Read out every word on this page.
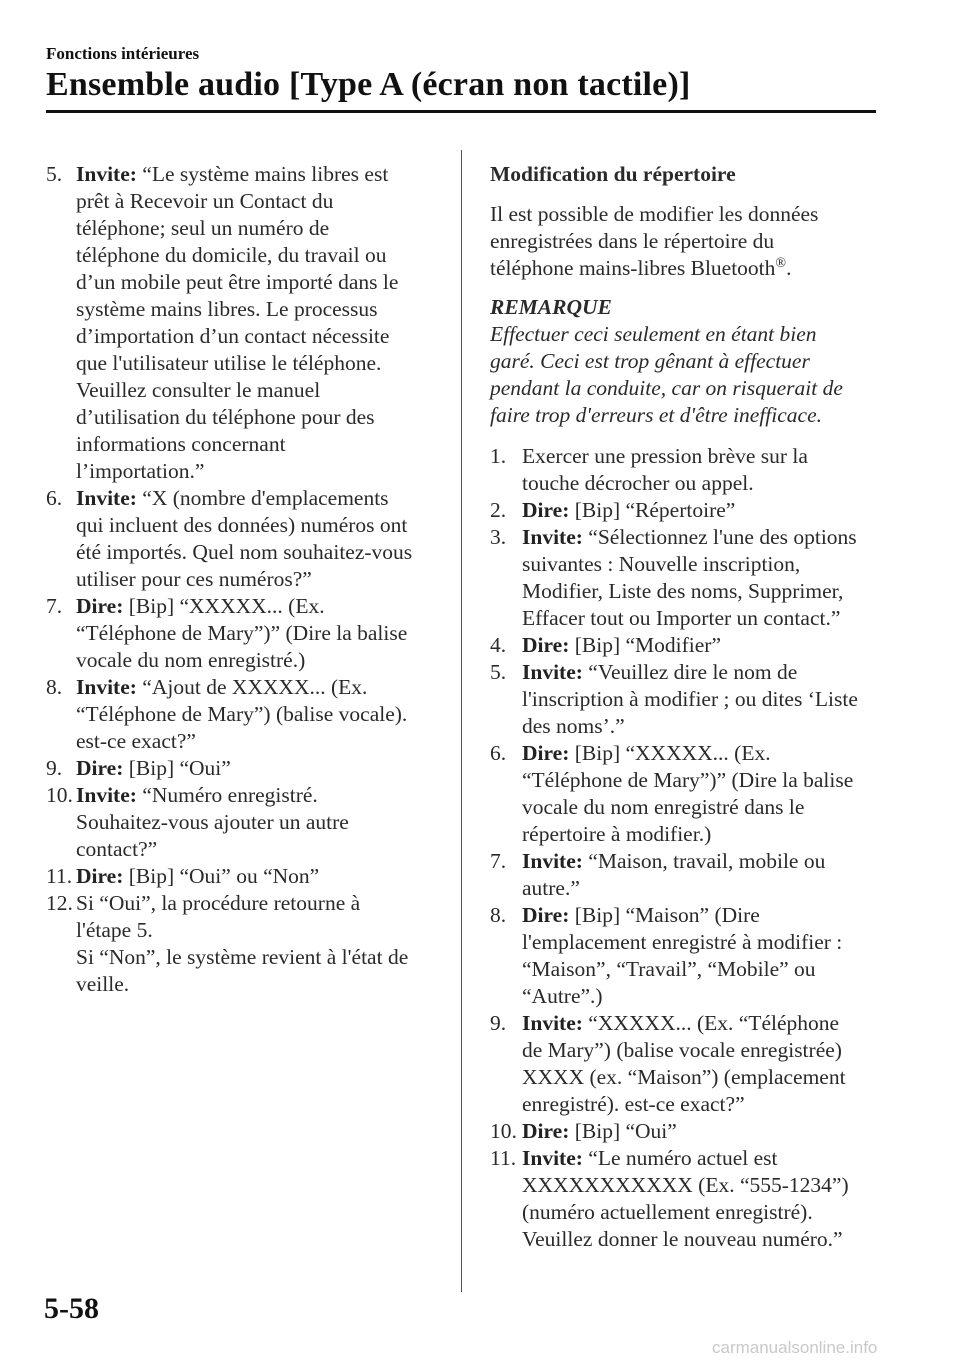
Fonctions intérieures
Ensemble audio [Type A (écran non tactile)]
5. Invite: “Le système mains libres est
prêt à Recevoir un Contact du
téléphone; seul un numéro de
téléphone du domicile, du travail ou
d’un mobile peut être importé dans le
système mains libres. Le processus
d’importation d’un contact nécessite
que l'utilisateur utilise le téléphone.
Veuillez consulter le manuel
d’utilisation du téléphone pour des
informations concernant
l’importation.”
6. Invite: “X (nombre d'emplacements
qui incluent des données) numéros ont
été importés. Quel nom souhaitez-vous
utiliser pour ces numéros?”
7. Dire: [Bip] “XXXXX... (Ex.
“Téléphone de Mary”)” (Dire la balise
vocale du nom enregistré.)
8. Invite: “Ajout de XXXXX... (Ex.
“Téléphone de Mary”) (balise vocale).
est-ce exact?”
9. Dire: [Bip] “Oui”
10. Invite: “Numéro enregistré.
Souhaitez-vous ajouter un autre
contact?”
11. Dire: [Bip] “Oui” ou “Non”
12. Si “Oui”, la procédure retourne à
l'étape 5.
Si “Non”, le système revient à l'état de
veille.
Modification du répertoire

Il est possible de modifier les données
enregistrées dans le répertoire du
téléphone mains-libres Bluetooth®.

REMARQUE

Effectuer ceci seulement en étant bien
garé. Ceci est trop gênant à effectuer
pendant la conduite, car on risquerait de
faire trop d'erreurs et d'être inefficace.

1. Exercer une pression brève sur la
touche décrocher ou appel.
2. Dire: [Bip] “Répertoire”
3. Invite: “Sélectionnez l'une des options
suivantes : Nouvelle inscription,
Modifier, Liste des noms, Supprimer,
Effacer tout ou Importer un contact.”
4. Dire: [Bip] “Modifier”
5. Invite: “Veuillez dire le nom de
l'inscription à modifier ; ou dites ‘Liste
des noms’.”
6. Dire: [Bip] “XXXXX... (Ex.
“Téléphone de Mary”)” (Dire la balise
vocale du nom enregistré dans le
répertoire à modifier.)
7. Invite: “Maison, travail, mobile ou
autre.”
8. Dire: [Bip] “Maison” (Dire
l'emplacement enregistré à modifier :
“Maison”, “Travail”, “Mobile” ou
“Autre”.)
9. Invite: “XXXXX... (Ex. “Téléphone
de Mary”) (balise vocale enregistrée)
XXXX (ex. “Maison”) (emplacement
enregistré). est-ce exact?”
10. Dire: [Bip] “Oui”
11. Invite: “Le numéro actuel est
XXXXXXXXXXX (Ex. “555-1234”)
(numéro actuellement enregistré).
Veuillez donner le nouveau numéro.”
5-58
carmanualsonline.info
